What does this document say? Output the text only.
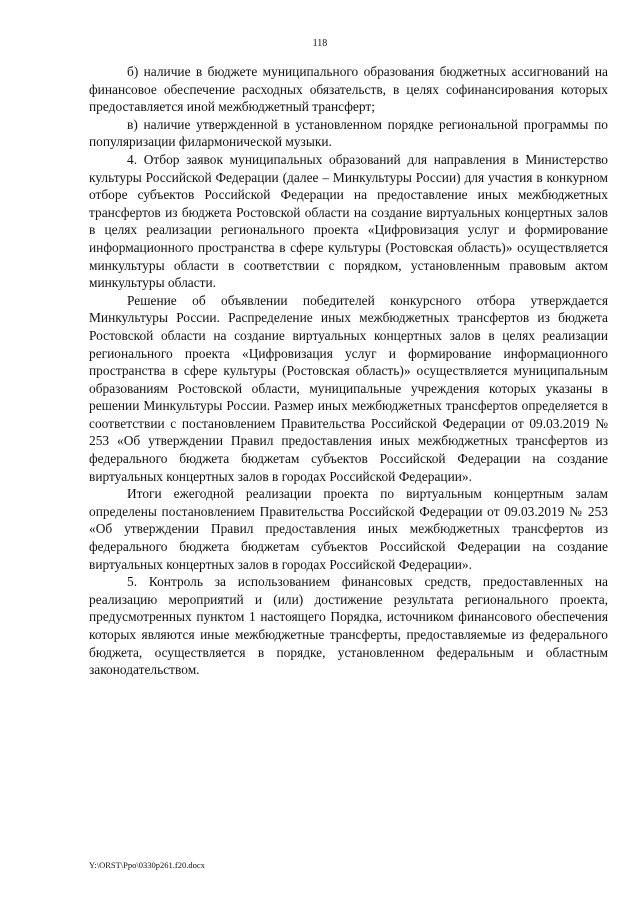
118

б) наличие в бюджете муниципального образования бюджетных ассигнований на финансовое обеспечение расходных обязательств, в целях софинансирования которых предоставляется иной межбюджетный трансферт;

в) наличие утвержденной в установленном порядке региональной программы по популяризации филармонической музыки.

4. Отбор заявок муниципальных образований для направления в Министерство культуры Российской Федерации (далее – Минкультуры России) для участия в конкурном отборе субъектов Российской Федерации на предоставление иных межбюджетных трансфертов из бюджета Ростовской области на создание виртуальных концертных залов в целях реализации регионального проекта «Цифровизация услуг и формирование информационного пространства в сфере культуры (Ростовская область)» осуществляется минкультуры области в соответствии с порядком, установленным правовым актом минкультуры области.

Решение об объявлении победителей конкурсного отбора утверждается Минкультуры России. Распределение иных межбюджетных трансфертов из бюджета Ростовской области на создание виртуальных концертных залов в целях реализации регионального проекта «Цифровизация услуг и формирование информационного пространства в сфере культуры (Ростовская область)» осуществляется муниципальным образованиям Ростовской области, муниципальные учреждения которых указаны в решении Минкультуры России. Размер иных межбюджетных трансфертов определяется в соответствии с постановлением Правительства Российской Федерации от 09.03.2019 № 253 «Об утверждении Правил предоставления иных межбюджетных трансфертов из федерального бюджета бюджетам субъектов Российской Федерации на создание виртуальных концертных залов в городах Российской Федерации».

Итоги ежегодной реализации проекта по виртуальным концертным залам определены постановлением Правительства Российской Федерации от 09.03.2019 № 253 «Об утверждении Правил предоставления иных межбюджетных трансфертов из федерального бюджета бюджетам субъектов Российской Федерации на создание виртуальных концертных залов в городах Российской Федерации».

5. Контроль за использованием финансовых средств, предоставленных на реализацию мероприятий и (или) достижение результата регионального проекта, предусмотренных пунктом 1 настоящего Порядка, источником финансового обеспечения которых являются иные межбюджетные трансферты, предоставляемые из федерального бюджета, осуществляется в порядке, установленном федеральным и областным законодательством.

Y:\ORST\Ppo\0330p261.f20.docx
